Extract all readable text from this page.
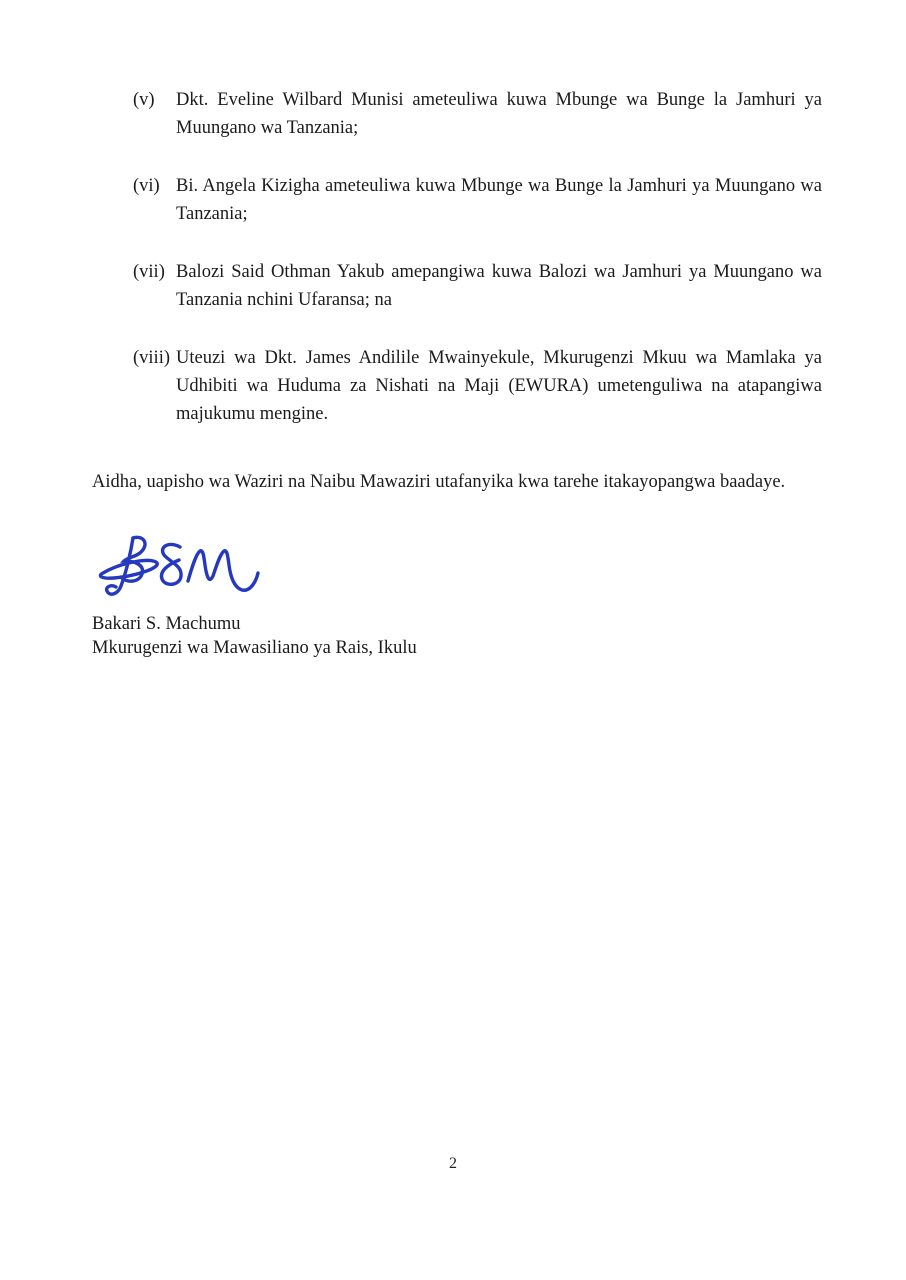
(v) Dkt. Eveline Wilbard Munisi ameteuliwa kuwa Mbunge wa Bunge la Jamhuri ya Muungano wa Tanzania;
(vi) Bi. Angela Kizigha ameteuliwa kuwa Mbunge wa Bunge la Jamhuri ya Muungano wa Tanzania;
(vii) Balozi Said Othman Yakub amepangiwa kuwa Balozi wa Jamhuri ya Muungano wa Tanzania nchini Ufaransa; na
(viii) Uteuzi wa Dkt. James Andilile Mwainyekule, Mkurugenzi Mkuu wa Mamlaka ya Udhibiti wa Huduma za Nishati na Maji (EWURA) umetenguliwa na atapangiwa majukumu mengine.

Aidha, uapisho wa Waziri na Naibu Mawaziri utafanyika kwa tarehe itakayopangwa baadaye.

Bakari S. Machumu
Mkurugenzi wa Mawasiliano ya Rais, Ikulu
2
